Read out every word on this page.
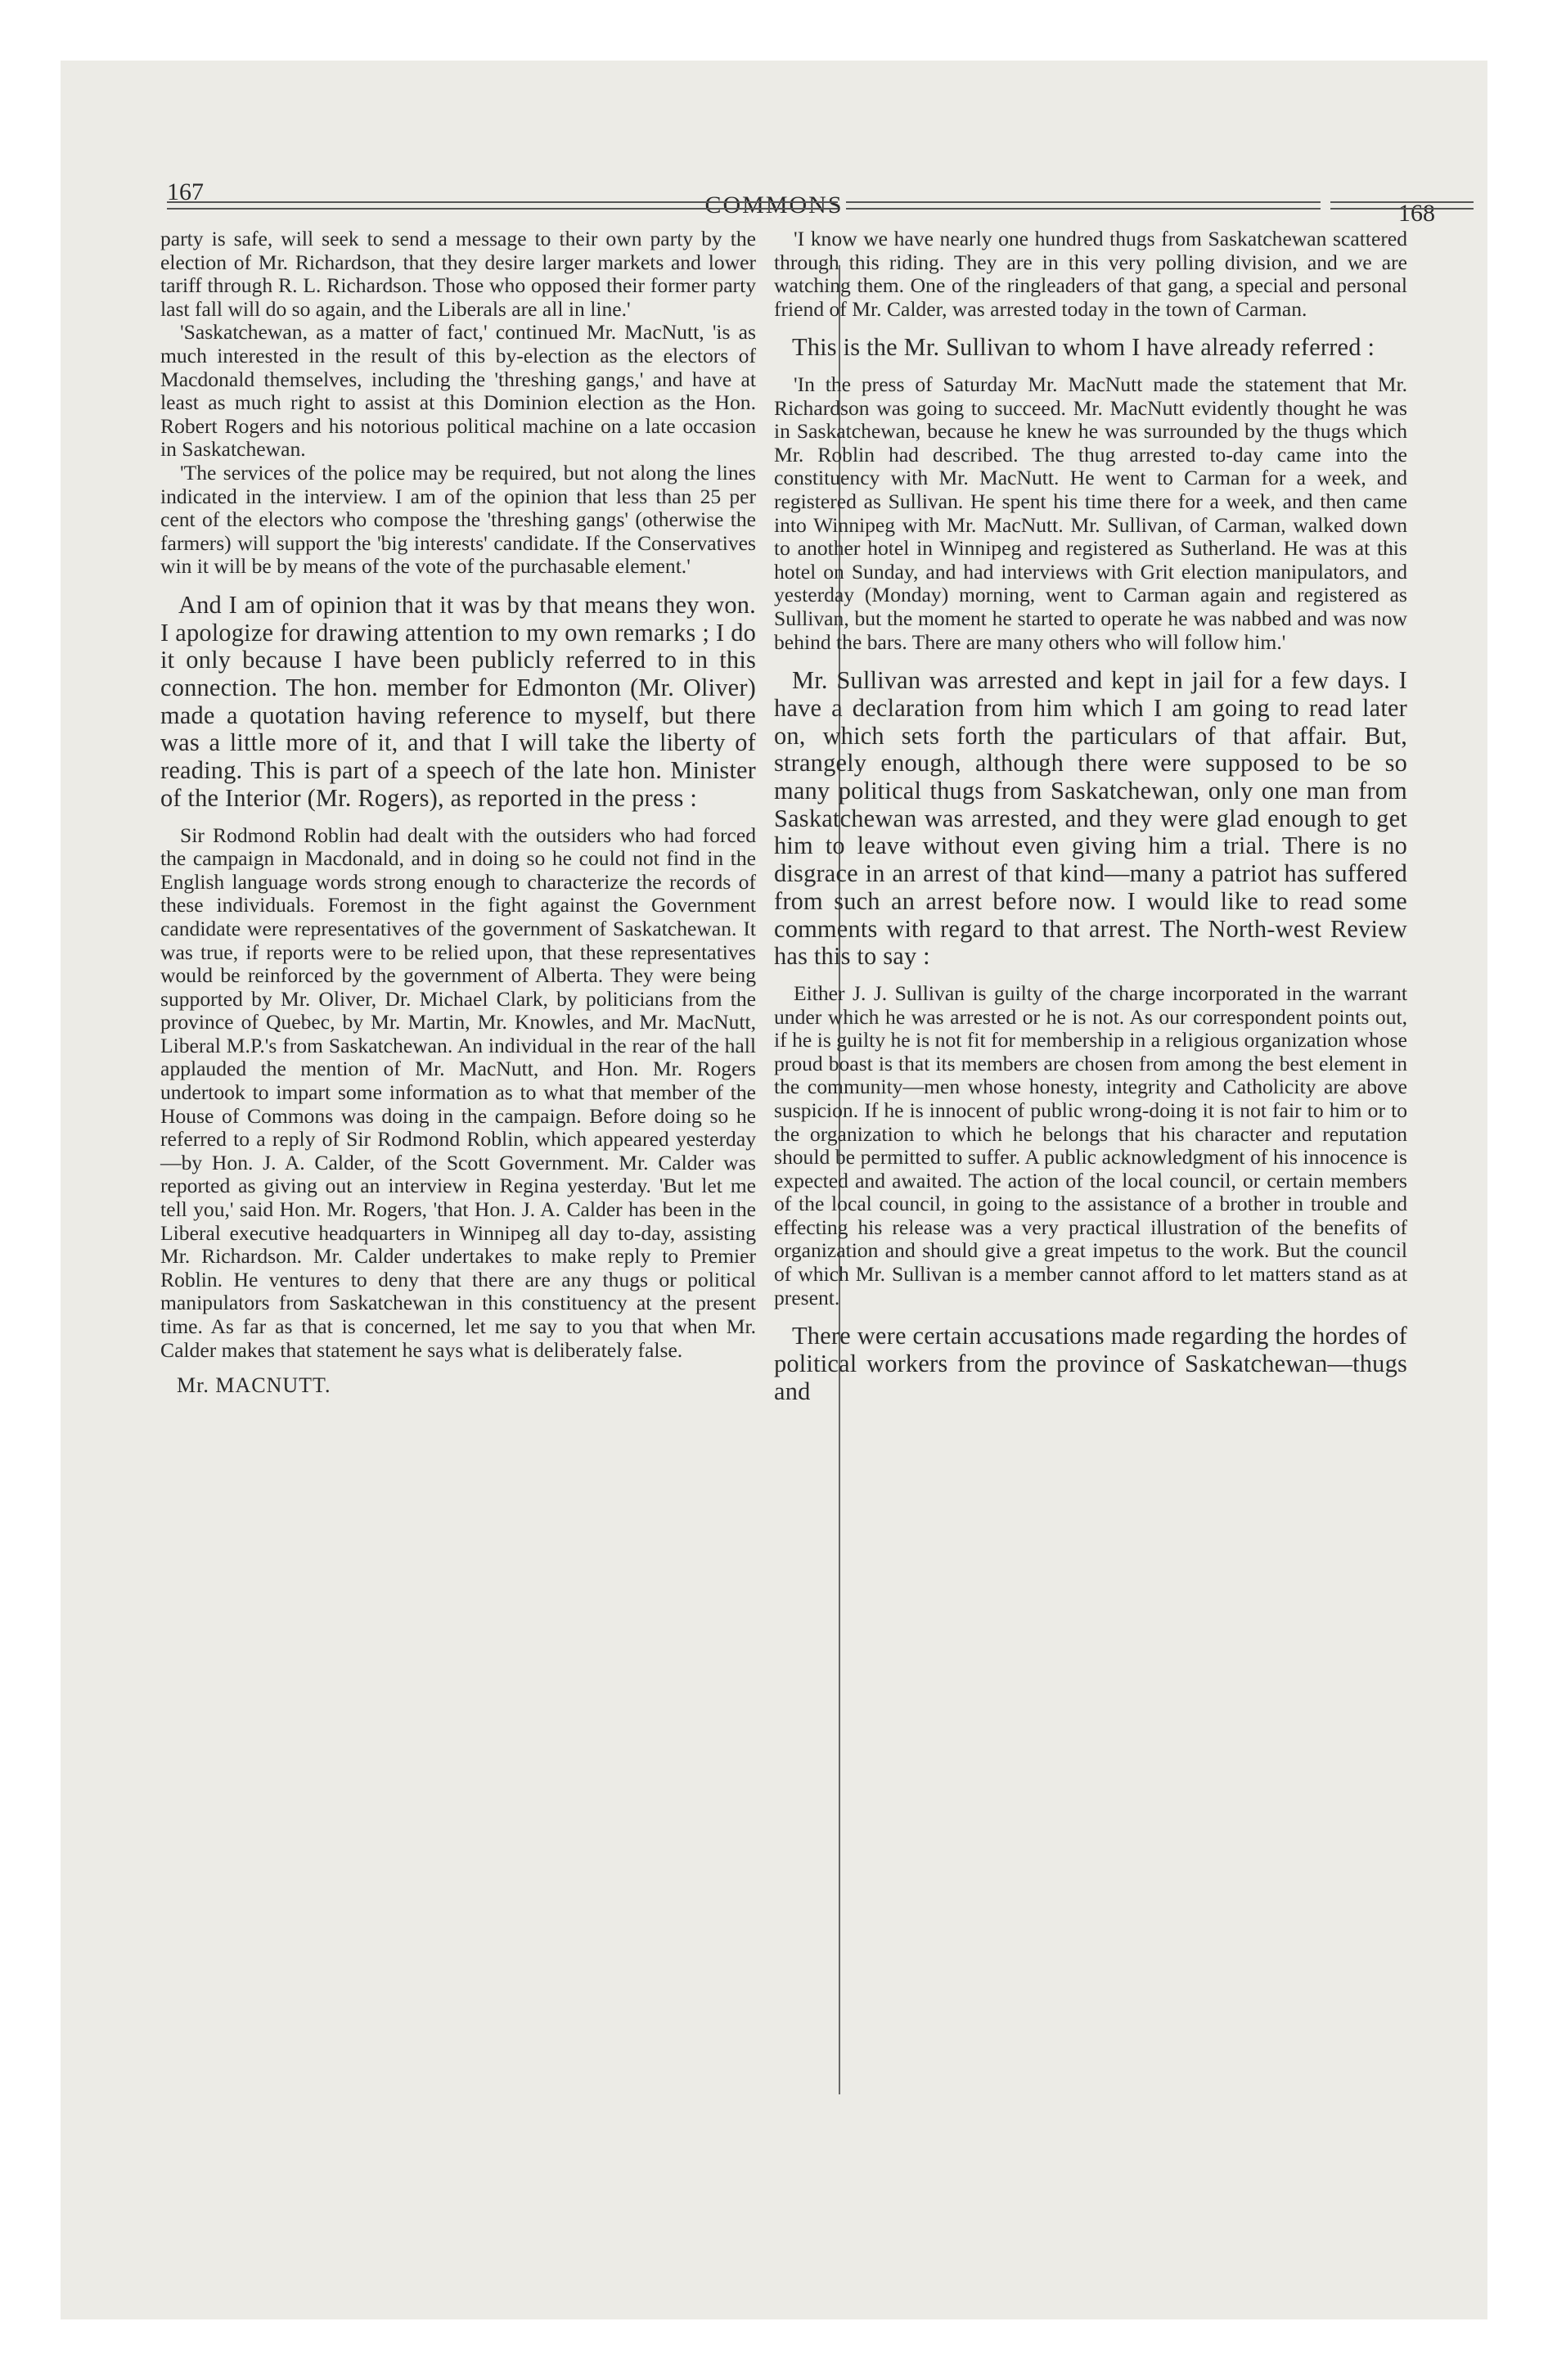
167	COMMONS	168

party is safe, will seek to send a message to their own party by the election of Mr. Richardson, that they desire larger markets and lower tariff through R. L. Richardson. Those who opposed their former party last fall will do so again, and the Liberals are all in line.'

'Saskatchewan, as a matter of fact,' continued Mr. MacNutt, 'is as much interested in the result of this by-election as the electors of Macdonald themselves, including the 'threshing gangs,' and have at least as much right to assist at this Dominion election as the Hon. Robert Rogers and his notorious political machine on a late occasion in Saskatchewan.

'The services of the police may be required, but not along the lines indicated in the interview. I am of the opinion that less than 25 per cent of the electors who compose the 'threshing gangs' (otherwise the farmers) will support the 'big interests' candidate. If the Conservatives win it will be by means of the vote of the purchasable element.'

And I am of opinion that it was by that means they won. I apologize for drawing attention to my own remarks ; I do it only because I have been publicly referred to in this connection. The hon. member for Edmonton (Mr. Oliver) made a quotation having reference to myself, but there was a little more of it, and that I will take the liberty of reading. This is part of a speech of the late hon. Minister of the Interior (Mr. Rogers), as reported in the press :

Sir Rodmond Roblin had dealt with the outsiders who had forced the campaign in Macdonald, and in doing so he could not find in the English language words strong enough to characterize the records of these individuals. Foremost in the fight against the Government candidate were representatives of the government of Saskatchewan. It was true, if reports were to be relied upon, that these representatives would be reinforced by the government of Alberta. They were being supported by Mr. Oliver, Dr. Michael Clark, by politicians from the province of Quebec, by Mr. Martin, Mr. Knowles, and Mr. MacNutt, Liberal M.P.'s from Saskatchewan. An individual in the rear of the hall applauded the mention of Mr. MacNutt, and Hon. Mr. Rogers undertook to impart some information as to what that member of the House of Commons was doing in the campaign. Before doing so he referred to a reply of Sir Rodmond Roblin, which appeared yesterday—by Hon. J. A. Calder, of the Scott Government. Mr. Calder was reported as giving out an interview in Regina yesterday. 'But let me tell you,' said Hon. Mr. Rogers, 'that Hon. J. A. Calder has been in the Liberal executive headquarters in Winnipeg all day to-day, assisting Mr. Richardson. Mr. Calder undertakes to make reply to Premier Roblin. He ventures to deny that there are any thugs or political manipulators from Saskatchewan in this constituency at the present time. As far as that is concerned, let me say to you that when Mr. Calder makes that statement he says what is deliberately false.

Mr. MACNUTT.

'I know we have nearly one hundred thugs from Saskatchewan scattered through this riding. They are in this very polling division, and we are watching them. One of the ringleaders of that gang, a special and personal friend of Mr. Calder, was arrested today in the town of Carman.

This is the Mr. Sullivan to whom I have already referred :

'In the press of Saturday Mr. MacNutt made the statement that Mr. Richardson was going to succeed. Mr. MacNutt evidently thought he was in Saskatchewan, because he knew he was surrounded by the thugs which Mr. Roblin had described. The thug arrested to-day came into the constituency with Mr. MacNutt. He went to Carman for a week, and registered as Sullivan. He spent his time there for a week, and then came into Winnipeg with Mr. MacNutt. Mr. Sullivan, of Carman, walked down to another hotel in Winnipeg and registered as Sutherland. He was at this hotel on Sunday, and had interviews with Grit election manipulators, and yesterday (Monday) morning, went to Carman again and registered as Sullivan, but the moment he started to operate he was nabbed and was now behind the bars. There are many others who will follow him.'

Mr. Sullivan was arrested and kept in jail for a few days. I have a declaration from him which I am going to read later on, which sets forth the particulars of that affair. But, strangely enough, although there were supposed to be so many political thugs from Saskatchewan, only one man from Saskatchewan was arrested, and they were glad enough to get him to leave without even giving him a trial. There is no disgrace in an arrest of that kind—many a patriot has suffered from such an arrest before now. I would like to read some comments with regard to that arrest. The North-west Review has this to say :

Either J. J. Sullivan is guilty of the charge incorporated in the warrant under which he was arrested or he is not. As our correspondent points out, if he is guilty he is not fit for membership in a religious organization whose proud boast is that its members are chosen from among the best element in the community—men whose honesty, integrity and Catholicity are above suspicion. If he is innocent of public wrong-doing it is not fair to him or to the organization to which he belongs that his character and reputation should be permitted to suffer. A public acknowledgment of his innocence is expected and awaited. The action of the local council, or certain members of the local council, in going to the assistance of a brother in trouble and effecting his release was a very practical illustration of the benefits of organization and should give a great impetus to the work. But the council of which Mr. Sullivan is a member cannot afford to let matters stand as at present.

There were certain accusations made regarding the hordes of political workers from the province of Saskatchewan—thugs and
